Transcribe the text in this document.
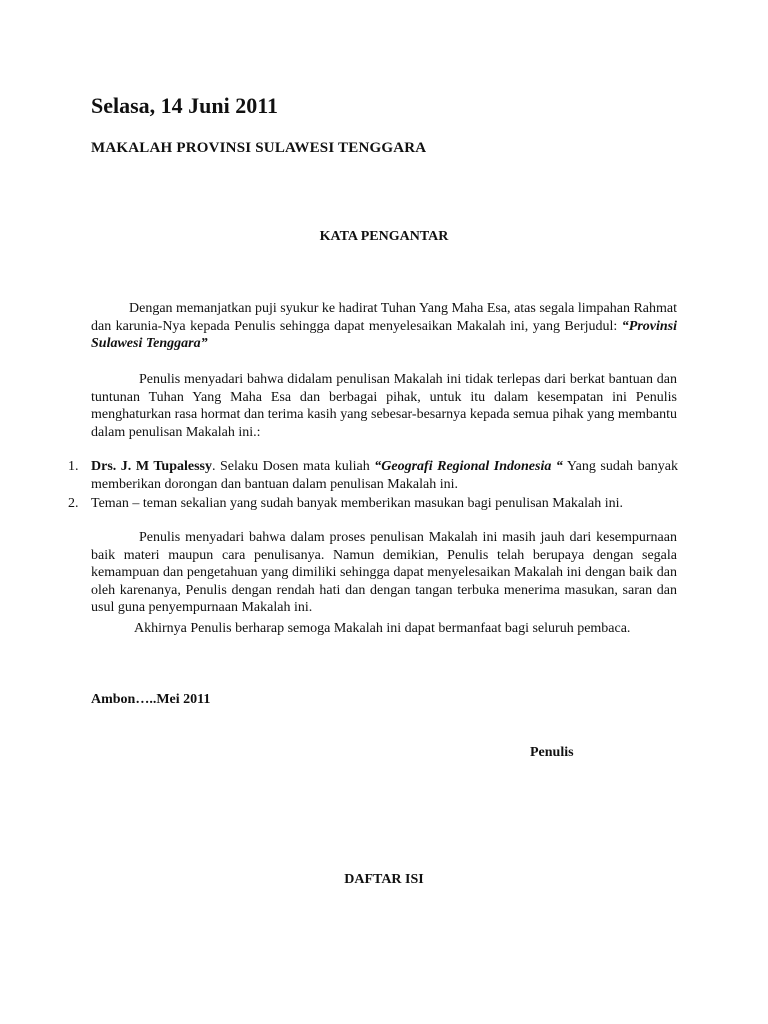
Selasa, 14 Juni 2011
MAKALAH PROVINSI SULAWESI TENGGARA
KATA PENGANTAR

Dengan memanjatkan puji syukur ke hadirat Tuhan Yang Maha Esa, atas segala limpahan Rahmat dan karunia-Nya kepada Penulis sehingga dapat menyelesaikan Makalah ini, yang Berjudul: “Provinsi Sulawesi Tenggara”

Penulis menyadari bahwa didalam penulisan Makalah ini tidak terlepas dari berkat bantuan dan tuntunan Tuhan Yang Maha Esa dan berbagai pihak, untuk itu dalam kesempatan ini Penulis menghaturkan rasa hormat dan terima kasih yang sebesar-besarnya kepada semua pihak yang membantu dalam penulisan Makalah ini.:

1. Drs. J. M Tupalessy. Selaku Dosen mata kuliah “Geografi Regional Indonesia “ Yang sudah banyak memberikan dorongan dan bantuan dalam penulisan Makalah ini.
2. Teman – teman sekalian yang sudah banyak memberikan masukan bagi penulisan Makalah ini.

Penulis menyadari bahwa dalam proses penulisan Makalah ini masih jauh dari kesempurnaan baik materi maupun cara penulisanya. Namun demikian, Penulis telah berupaya dengan segala kemampuan dan pengetahuan yang dimiliki sehingga dapat menyelesaikan Makalah ini dengan baik dan oleh karenanya, Penulis dengan rendah hati dan dengan tangan terbuka menerima masukan, saran dan usul guna penyempurnaan Makalah ini.

Akhirnya Penulis berharap semoga Makalah ini dapat bermanfaat bagi seluruh pembaca.

Ambon…..Mei 2011
Penulis
DAFTAR ISI
